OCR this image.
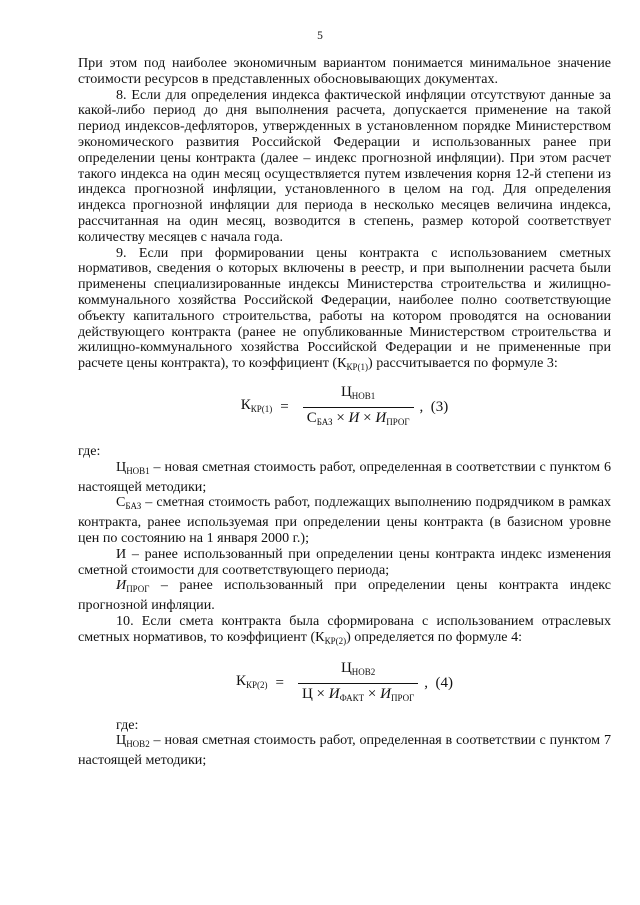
5

При этом под наиболее экономичным вариантом понимается минимальное значение стоимости ресурсов в представленных обосновывающих документах.

8. Если для определения индекса фактической инфляции отсутствуют данные за какой-либо период до дня выполнения расчета, допускается применение на такой период индексов-дефляторов, утвержденных в установленном порядке Министерством экономического развития Российской Федерации и использованных ранее при определении цены контракта (далее – индекс прогнозной инфляции). При этом расчет такого индекса на один месяц осуществляется путем извлечения корня 12-й степени из индекса прогнозной инфляции, установленного в целом на год. Для определения индекса прогнозной инфляции для периода в несколько месяцев величина индекса, рассчитанная на один месяц, возводится в степень, размер которой соответствует количеству месяцев с начала года.

9. Если при формировании цены контракта с использованием сметных нормативов, сведения о которых включены в реестр, и при выполнении расчета были применены специализированные индексы Министерства строительства и жилищно-коммунального хозяйства Российской Федерации, наиболее полно соответствующие объекту капитального строительства, работы на котором проводятся на основании действующего контракта (ранее не опубликованные Министерством строительства и жилищно-коммунального хозяйства Российской Федерации и не примененные при расчете цены контракта), то коэффициент $(К_{КР(1)})$ рассчитывается по формуле 3:

$К_{КР(1)} = \frac{Ц_{НОВ1}}{С_{БАЗ} \times И \times И_{ПРОГ}}$ ,  (3)

где:

$Ц_{НОВ1}$ – новая сметная стоимость работ, определенная в соответствии с пунктом 6 настоящей методики;

$С_{БАЗ}$ – сметная стоимость работ, подлежащих выполнению подрядчиком в рамках контракта, ранее используемая при определении цены контракта (в базисном уровне цен по состоянию на 1 января 2000 г.);

И – ранее использованный при определении цены контракта индекс изменения сметной стоимости для соответствующего периода;

$И_{ПРОГ}$ – ранее использованный при определении цены контракта индекс прогнозной инфляции.

10. Если смета контракта была сформирована с использованием отраслевых сметных нормативов, то коэффициент $(К_{КР(2)})$ определяется по формуле 4:

$К_{КР(2)} = \frac{Ц_{НОВ2}}{Ц \times И_{ФАКТ} \times И_{ПРОГ}}$ ,  (4)

где:

$Ц_{НОВ2}$ – новая сметная стоимость работ, определенная в соответствии с пунктом 7 настоящей методики;
